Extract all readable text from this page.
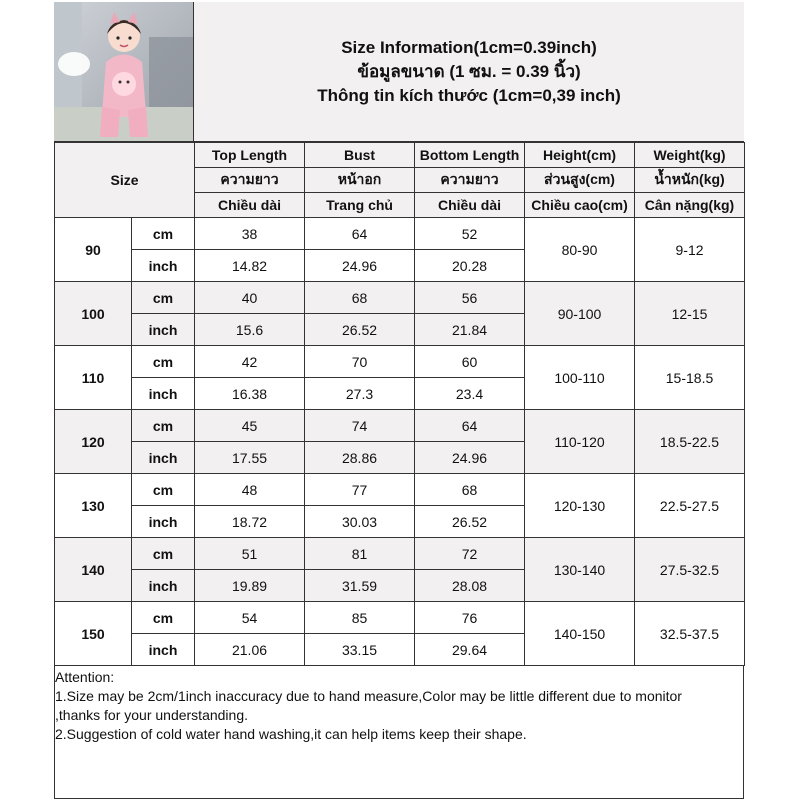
Size Information(1cm=0.39inch)
ข้อมูลขนาด (1 ซม. = 0.39 นิ้ว)
Thông tin kích thước (1cm=0,39 inch)
Size		Top Length	Bust	Bottom Length	Height(cm)	Weight(kg)
		ความยาว	หน้าอก	ความยาว	ส่วนสูง(cm)	น้ำหนัก(kg)
		Chiều dài	Trang chủ	Chiều dài	Chiều cao(cm)	Cân nặng(kg)
90	cm	38	64	52	80-90	9-12
	inch	14.82	24.96	20.28		
100	cm	40	68	56	90-100	12-15
	inch	15.6	26.52	21.84		
110	cm	42	70	60	100-110	15-18.5
	inch	16.38	27.3	23.4		
120	cm	45	74	64	110-120	18.5-22.5
	inch	17.55	28.86	24.96		
130	cm	48	77	68	120-130	22.5-27.5
	inch	18.72	30.03	26.52		
140	cm	51	81	72	130-140	27.5-32.5
	inch	19.89	31.59	28.08		
150	cm	54	85	76	140-150	32.5-37.5
	inch	21.06	33.15	29.64		
Attention:
1.Size may be 2cm/1inch inaccuracy due to hand measure,Color may be little different due to monitor
,thanks for your understanding.
2.Suggestion of cold water hand washing,it can help items keep their shape.
